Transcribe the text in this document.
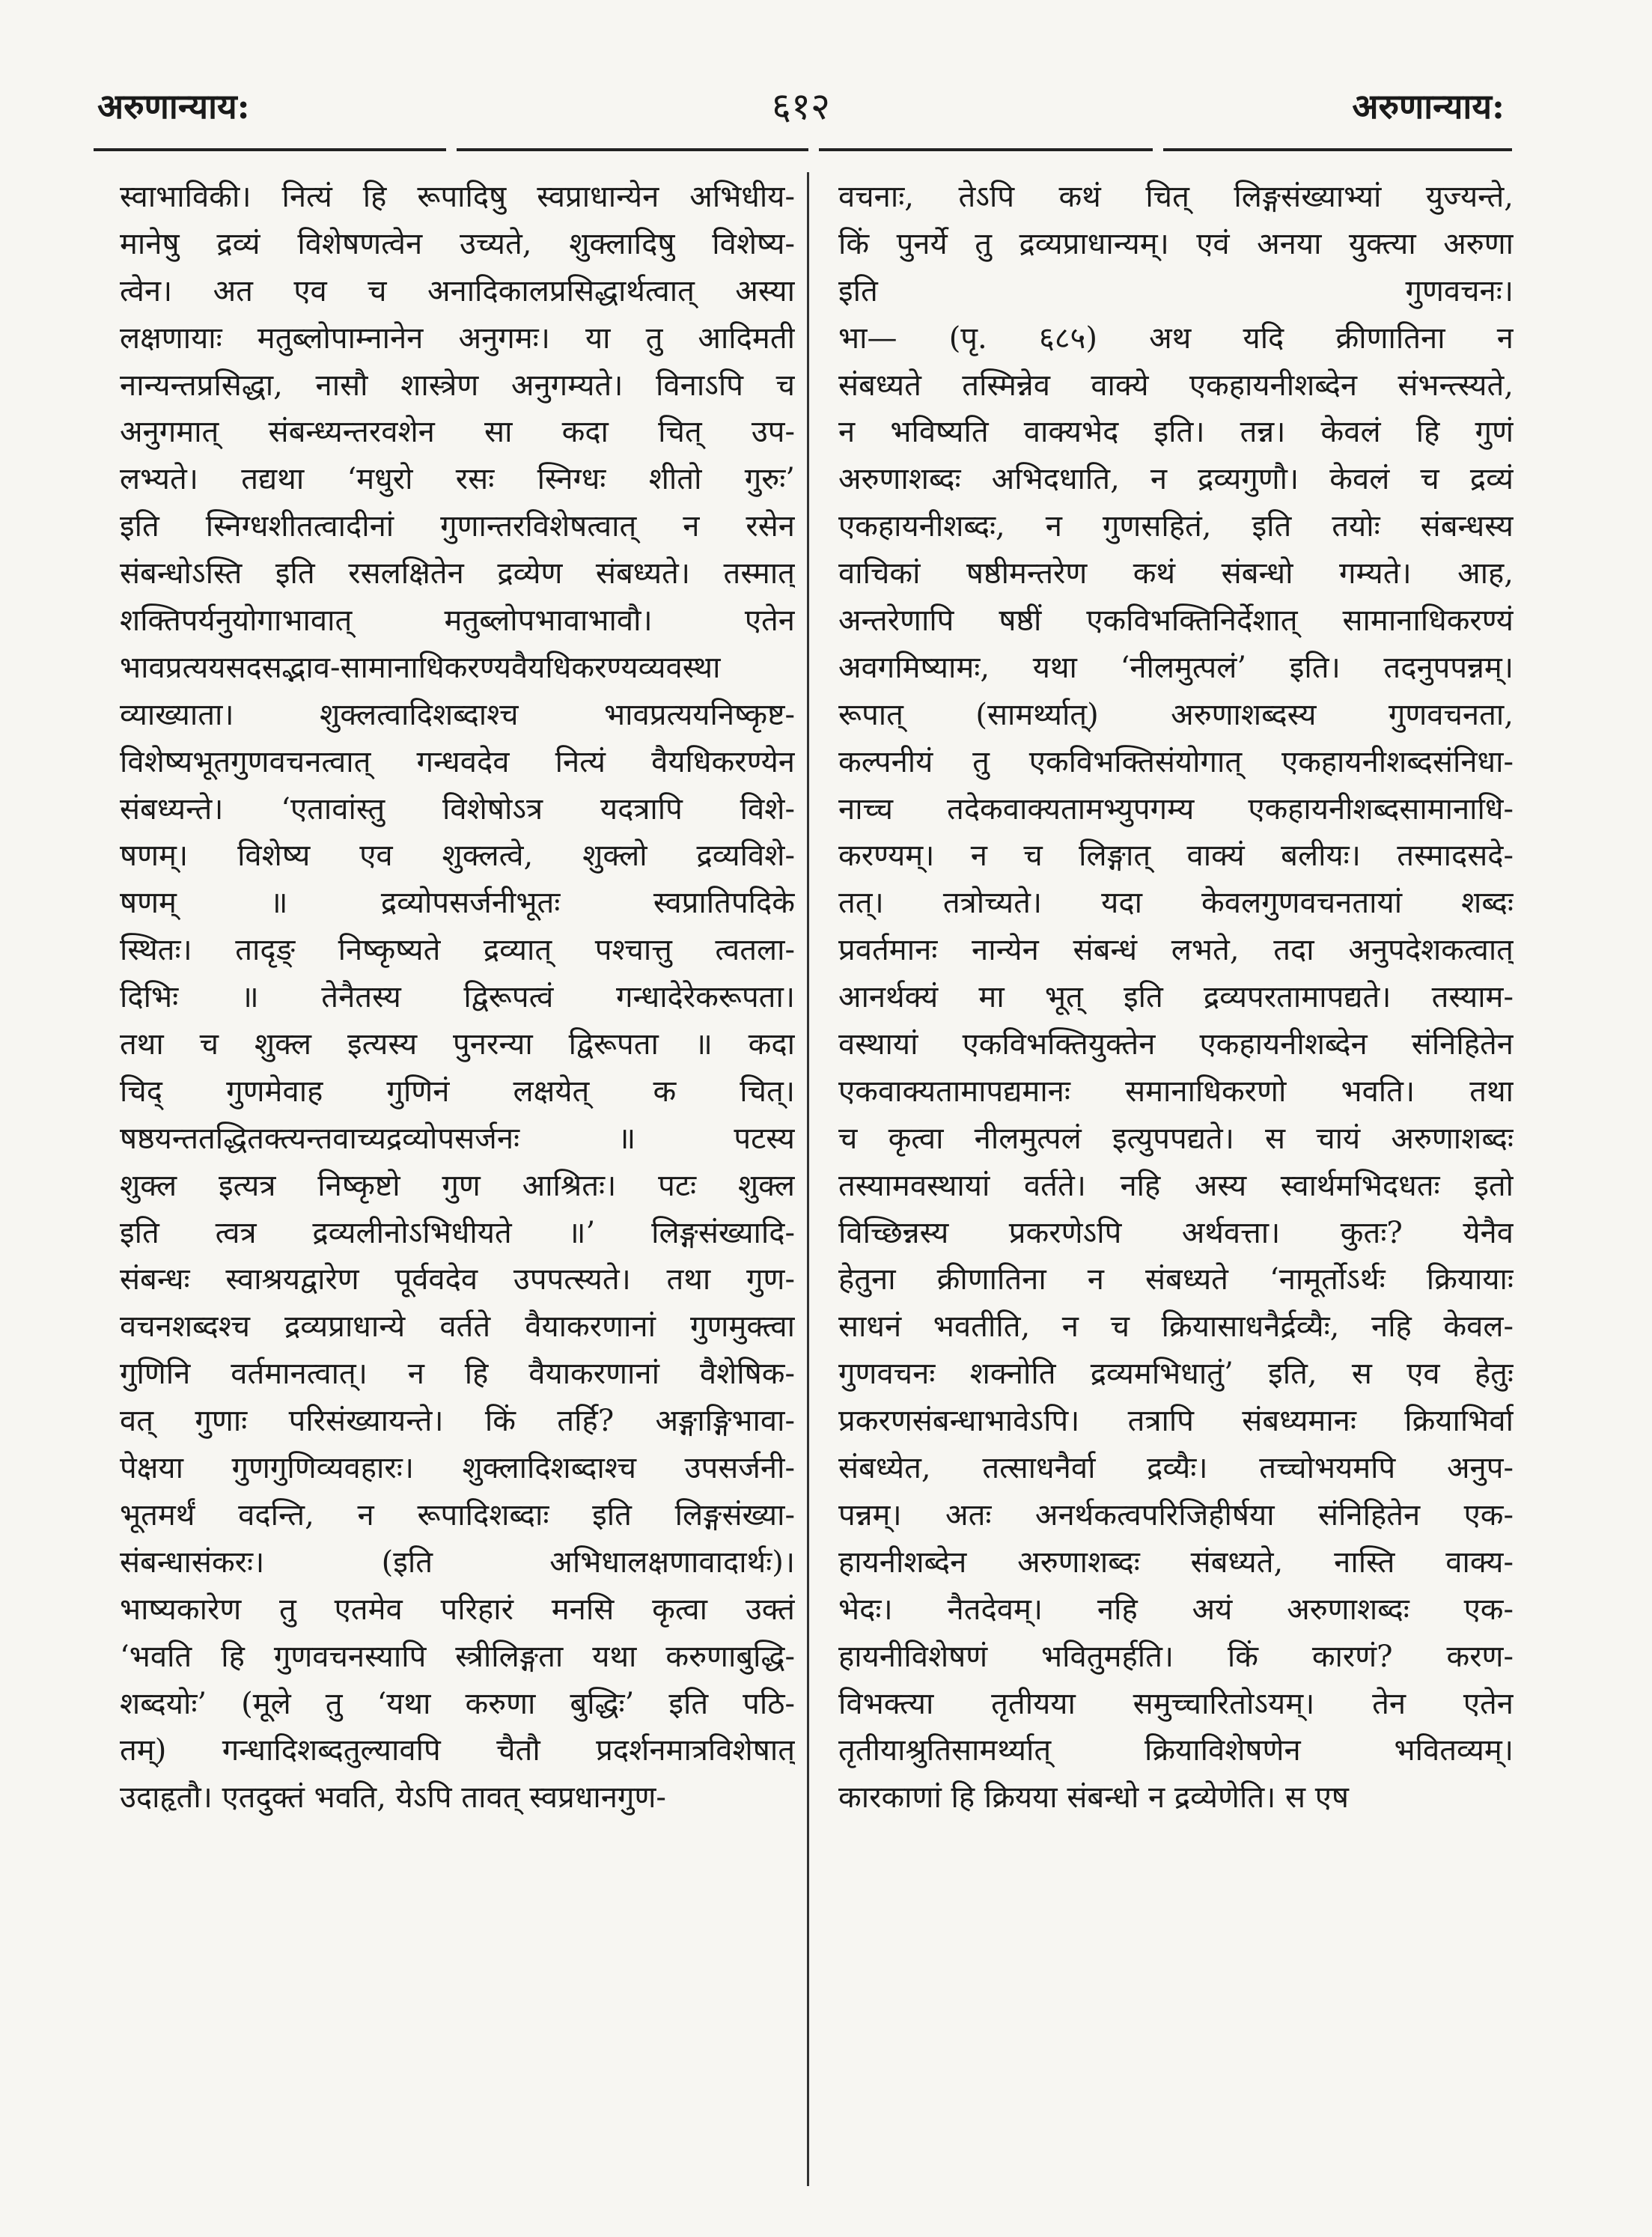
अरुणान्याय:	६१२	अरुणान्याय:
स्वाभाविकी। नित्यं हि रूपादिषु स्वप्राधान्येन अभिधीय-
मानेषु द्रव्यं विशेषणत्वेन उच्यते, शुक्लादिषु विशेष्य-
त्वेन। अत एव च अनादिकालप्रसिद्धार्थत्वात् अस्या
लक्षणायाः मतुब्लोपाम्नानेन अनुगमः। या तु आदिमती
नान्यन्तप्रसिद्धा, नासौ शास्त्रेण अनुगम्यते। विनाऽपि च
अनुगमात् संबन्ध्यन्तरवशेन सा कदा चित् उप-
लभ्यते। तद्यथा ‘मधुरो रसः स्निग्धः शीतो गुरुः’
इति स्निग्धशीतत्वादीनां गुणान्तरविशेषत्वात् न रसेन
संबन्धोऽस्ति इति रसलक्षितेन द्रव्येण संबध्यते। तस्मात्
शक्तिपर्यनुयोगाभावात् मतुब्लोपभावाभावौ। एतेन
भावप्रत्ययसदसद्भाव-सामानाधिकरण्यवैयधिकरण्यव्यवस्था
व्याख्याता। शुक्लत्वादिशब्दाश्च भावप्रत्ययनिष्कृष्ट-
विशेष्यभूतगुणवचनत्वात् गन्धवदेव नित्यं वैयधिकरण्येन
संबध्यन्ते। ‘एतावांस्तु विशेषोऽत्र यदत्रापि विशे-
षणम्। विशेष्य एव शुक्लत्वे, शुक्लो द्रव्यविशे-
षणम् ॥ द्रव्योपसर्जनीभूतः स्वप्रातिपदिके
स्थितः। तादृङ् निष्कृष्यते द्रव्यात् पश्चात्तु त्वतला-
दिभिः ॥ तेनैतस्य द्विरूपत्वं गन्धादेरेकरूपता।
तथा च शुक्ल इत्यस्य पुनरन्या द्विरूपता ॥ कदा
चिद् गुणमेवाह गुणिनं लक्षयेत् क चित्।
षष्ठयन्ततद्धितक्त्यन्तवाच्यद्रव्योपसर्जनः ॥ पटस्य
शुक्ल इत्यत्र निष्कृष्टो गुण आश्रितः। पटः शुक्ल
इति त्वत्र द्रव्यलीनोऽभिधीयते ॥’ लिङ्गसंख्यादि-
संबन्धः स्वाश्रयद्वारेण पूर्ववदेव उपपत्स्यते। तथा गुण-
वचनशब्दश्च द्रव्यप्राधान्ये वर्तते वैयाकरणानां गुणमुक्त्वा
गुणिनि वर्तमानत्वात्। न हि वैयाकरणानां वैशेषिक-
वत् गुणाः परिसंख्यायन्ते। किं तर्हि? अङ्गाङ्गिभावा-
पेक्षया गुणगुणिव्यवहारः। शुक्लादिशब्दाश्च उपसर्जनी-
भूतमर्थं वदन्ति, न रूपादिशब्दाः इति लिङ्गसंख्या-
संबन्धासंकरः। (इति अभिधालक्षणावादार्थः)।
भाष्यकारेण तु एतमेव परिहारं मनसि कृत्वा उक्तं
‘भवति हि गुणवचनस्यापि स्त्रीलिङ्गता यथा करुणाबुद्धि-
शब्दयोः’ (मूले तु ‘यथा करुणा बुद्धिः’ इति पठि-
तम्) गन्धादिशब्दतुल्यावपि चैतौ प्रदर्शनमात्रविशेषात्
उदाहृतौ। एतदुक्तं भवति, येऽपि तावत् स्वप्रधानगुण-
वचनाः, तेऽपि कथं चित् लिङ्गसंख्याभ्यां युज्यन्ते,
किं पुनर्ये तु द्रव्यप्राधान्यम्। एवं अनया युक्त्या अरुणा
इति गुणवचनः।
भा— (पृ. ६८५) अथ यदि क्रीणातिना न
संबध्यते तस्मिन्नेव वाक्ये एकहायनीशब्देन संभन्त्स्यते,
न भविष्यति वाक्यभेद इति। तन्न। केवलं हि गुणं
अरुणाशब्दः अभिदधाति, न द्रव्यगुणौ। केवलं च द्रव्यं
एकहायनीशब्दः, न गुणसहितं, इति तयोः संबन्धस्य
वाचिकां षष्ठीमन्तरेण कथं संबन्धो गम्यते। आह,
अन्तरेणापि षष्ठीं एकविभक्तिनिर्देशात् सामानाधिकरण्यं
अवगमिष्यामः, यथा ‘नीलमुत्पलं’ इति। तदनुपपन्नम्।
रूपात् (सामर्थ्यात्) अरुणाशब्दस्य गुणवचनता,
कल्पनीयं तु एकविभक्तिसंयोगात् एकहायनीशब्दसंनिधा-
नाच्च तदेकवाक्यतामभ्युपगम्य एकहायनीशब्दसामानाधि-
करण्यम्। न च लिङ्गात् वाक्यं बलीयः। तस्मादसदे-
तत्। तत्रोच्यते। यदा केवलगुणवचनतायां शब्दः
प्रवर्तमानः नान्येन संबन्धं लभते, तदा अनुपदेशकत्वात्
आनर्थक्यं मा भूत् इति द्रव्यपरतामापद्यते। तस्याम-
वस्थायां एकविभक्तियुक्तेन एकहायनीशब्देन संनिहितेन
एकवाक्यतामापद्यमानः समानाधिकरणो भवति। तथा
च कृत्वा नीलमुत्पलं इत्युपपद्यते। स चायं अरुणाशब्दः
तस्यामवस्थायां वर्तते। नहि अस्य स्वार्थमभिदधतः इतो
विच्छिन्नस्य प्रकरणेऽपि अर्थवत्ता। कुतः? येनैव
हेतुना क्रीणातिना न संबध्यते ‘नामूर्तोऽर्थः क्रियायाः
साधनं भवतीति, न च क्रियासाधनैर्द्रव्यैः, नहि केवल-
गुणवचनः शक्नोति द्रव्यमभिधातुं’ इति, स एव हेतुः
प्रकरणसंबन्धाभावेऽपि। तत्रापि संबध्यमानः क्रियाभिर्वा
संबध्येत, तत्साधनैर्वा द्रव्यैः। तच्चोभयमपि अनुप-
पन्नम्। अतः अनर्थकत्वपरिजिहीर्षया संनिहितेन एक-
हायनीशब्देन अरुणाशब्दः संबध्यते, नास्ति वाक्य-
भेदः। नैतदेवम्। नहि अयं अरुणाशब्दः एक-
हायनीविशेषणं भवितुमर्हति। किं कारणं? करण-
विभक्त्या तृतीयया समुच्चारितोऽयम्। तेन एतेन
तृतीयाश्रुतिसामर्थ्यात् क्रियाविशेषणेन भवितव्यम्।
कारकाणां हि क्रियया संबन्धो न द्रव्येणेति। स एष
